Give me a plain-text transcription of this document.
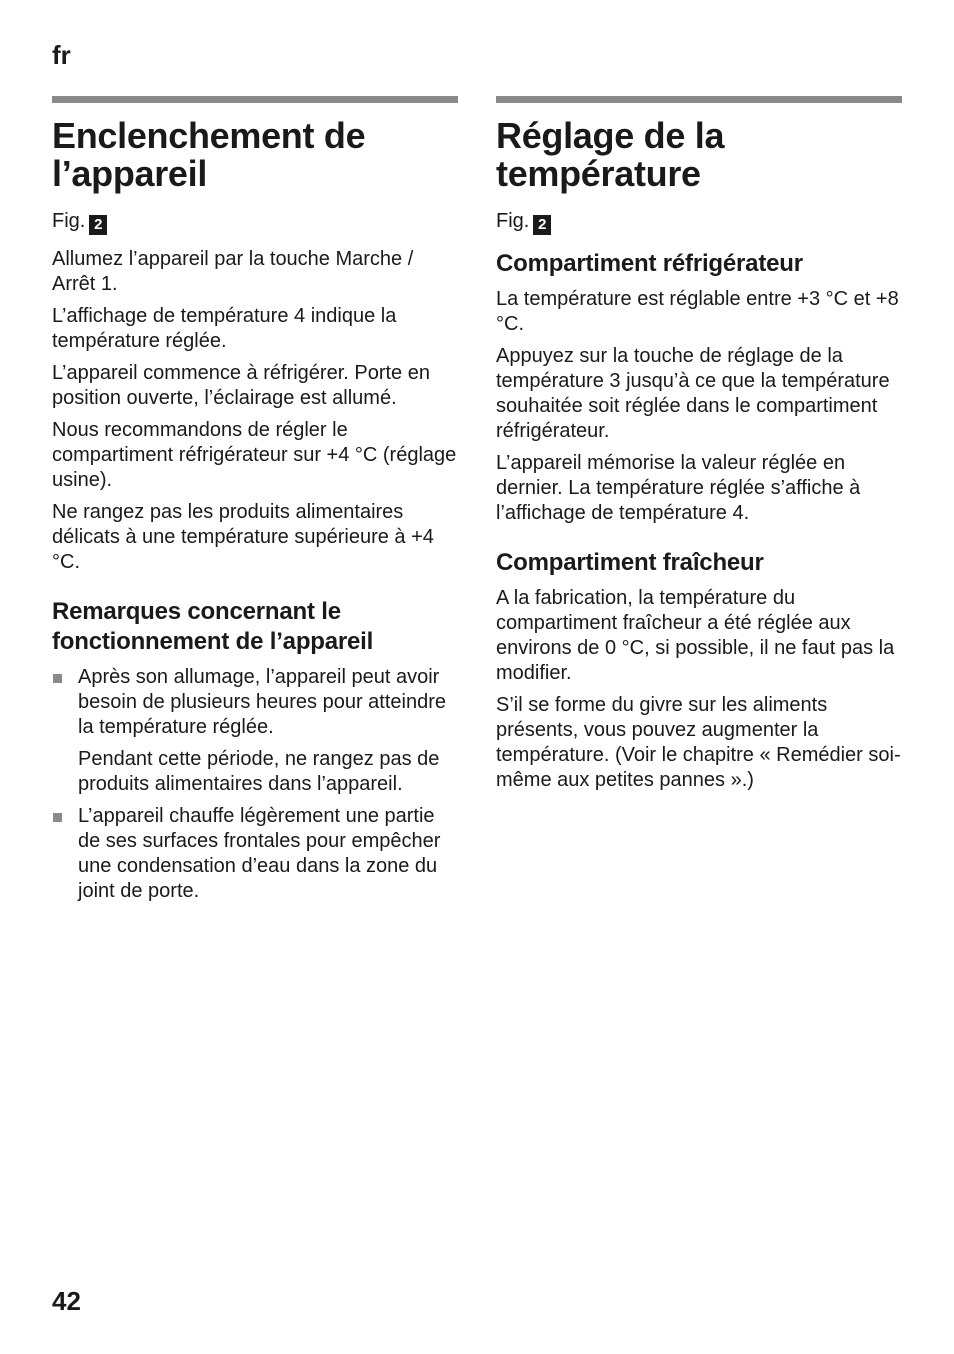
fr
Enclenchement de l’appareil

Fig. 2

Allumez l’appareil par la touche Marche / Arrêt 1.

L’affichage de température 4 indique la température réglée.

L’appareil commence à réfrigérer. Porte en position ouverte, l’éclairage est allumé.

Nous recommandons de régler le compartiment réfrigérateur sur +4 °C (réglage usine).

Ne rangez pas les produits alimentaires délicats à une température supérieure à +4 °C.

Remarques concernant le fonctionnement de l’appareil

Après son allumage, l’appareil peut avoir besoin de plusieurs heures pour atteindre la température réglée.

Pendant cette période, ne rangez pas de produits alimentaires dans l’appareil.

L’appareil chauffe légèrement une partie de ses surfaces frontales pour empêcher une condensation d’eau dans la zone du joint de porte.

Réglage de la température

Fig. 2

Compartiment réfrigérateur

La température est réglable entre +3 °C et +8 °C.

Appuyez sur la touche de réglage de la température 3 jusqu’à ce que la température souhaitée soit réglée dans le compartiment réfrigérateur.

L’appareil mémorise la valeur réglée en dernier. La température réglée s’affiche à l’affichage de température 4.

Compartiment fraîcheur

A la fabrication, la température du compartiment fraîcheur a été réglée aux environs de 0 °C, si possible, il ne faut pas la modifier.

S’il se forme du givre sur les aliments présents, vous pouvez augmenter la température. (Voir le chapitre « Remédier soi-même aux petites pannes ».)

42
